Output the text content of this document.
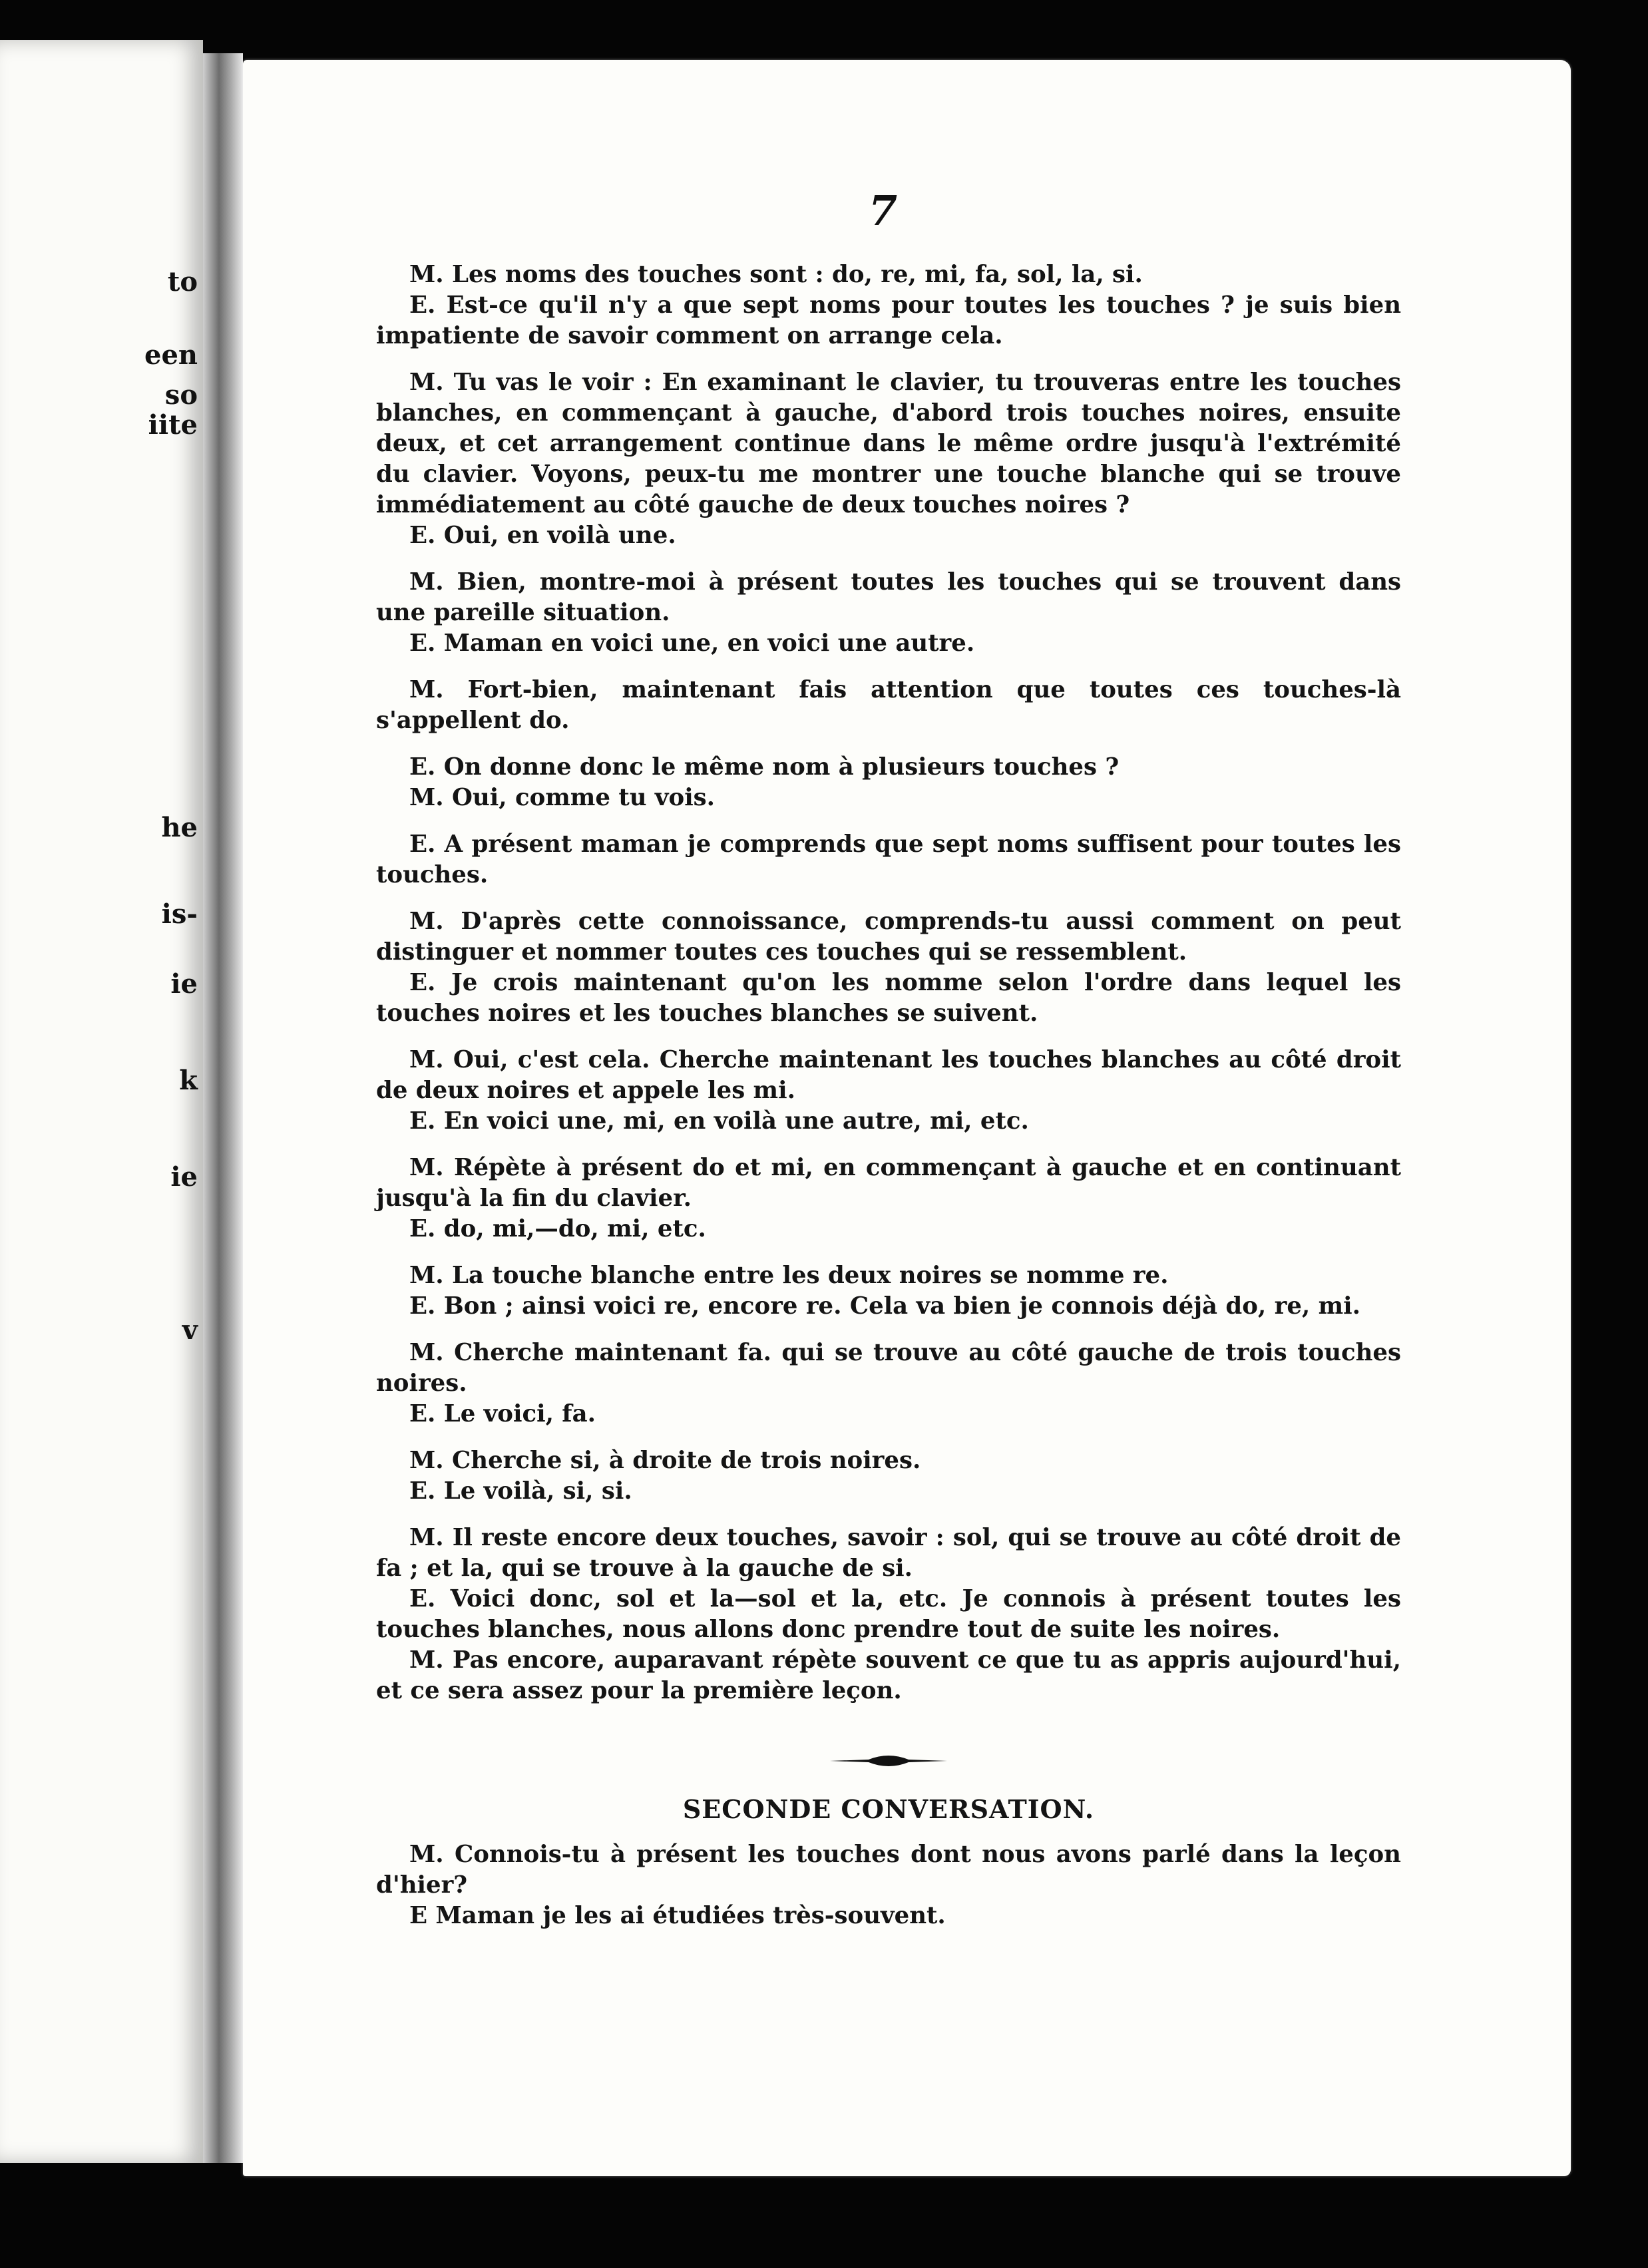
to
een
so
iite
he
is-
ie
k
ie
v
7

M. Les noms des touches sont : do, re, mi, fa, sol, la, si.

E. Est-ce qu'il n'y a que sept noms pour toutes les touches ? je suis bien impatiente de savoir comment on arrange cela.

M. Tu vas le voir : En examinant le clavier, tu trouveras entre les touches blanches, en commençant à gauche, d'abord trois touches noires, ensuite deux, et cet arrangement continue dans le même ordre jusqu'à l'extrémité du clavier. Voyons, peux-tu me montrer une touche blanche qui se trouve immédiatement au côté gauche de deux touches noires ?

E. Oui, en voilà une.

M. Bien, montre-moi à présent toutes les touches qui se trouvent dans une pareille situation.

E. Maman en voici une, en voici une autre.

M. Fort-bien, maintenant fais attention que toutes ces touches-là s'appellent do.

E. On donne donc le même nom à plusieurs touches ?

M. Oui, comme tu vois.

E. A présent maman je comprends que sept noms suffisent pour toutes les touches.

M. D'après cette connoissance, comprends-tu aussi comment on peut distinguer et nommer toutes ces touches qui se ressemblent.

E. Je crois maintenant qu'on les nomme selon l'ordre dans lequel les touches noires et les touches blanches se suivent.

M. Oui, c'est cela. Cherche maintenant les touches blanches au côté droit de deux noires et appele les mi.

E. En voici une, mi, en voilà une autre, mi, etc.

M. Répète à présent do et mi, en commençant à gauche et en continuant jusqu'à la fin du clavier.

E. do, mi,—do, mi, etc.

M. La touche blanche entre les deux noires se nomme re.

E. Bon ; ainsi voici re, encore re. Cela va bien je connois déjà do, re, mi.

M. Cherche maintenant fa. qui se trouve au côté gauche de trois touches noires.

E. Le voici, fa.

M. Cherche si, à droite de trois noires.

E. Le voilà, si, si.

M. Il reste encore deux touches, savoir : sol, qui se trouve au côté droit de fa ; et la, qui se trouve à la gauche de si.

E. Voici donc, sol et la—sol et la, etc. Je connois à présent toutes les touches blanches, nous allons donc prendre tout de suite les noires.

M. Pas encore, auparavant répète souvent ce que tu as appris aujourd'hui, et ce sera assez pour la première leçon.

SECONDE CONVERSATION.

M. Connois-tu à présent les touches dont nous avons parlé dans la leçon d'hier?

E Maman je les ai étudiées très-souvent.
